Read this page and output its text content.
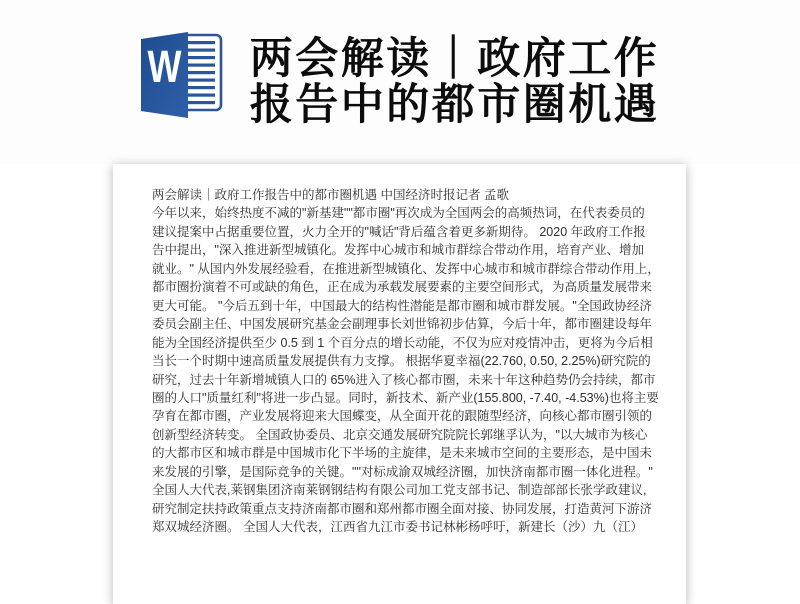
W 两会解读｜政府工作
报告中的都市圈机遇
两会解读｜政府工作报告中的都市圈机遇 中国经济时报记者 孟歌
今年以来，始终热度不减的"新基建""都市圈"再次成为全国两会的高频热词，在代表委员的
建议提案中占据重要位置，火力全开的"喊话"背后蕴含着更多新期待。 2020 年政府工作报
告中提出，"深入推进新型城镇化。发挥中心城市和城市群综合带动作用，培育产业、增加
就业。" 从国内外发展经验看，在推进新型城镇化、发挥中心城市和城市群综合带动作用上，
都市圈扮演着不可或缺的角色，正在成为承载发展要素的主要空间形式，为高质量发展带来
更大可能。 "今后五到十年，中国最大的结构性潜能是都市圈和城市群发展。"全国政协经济
委员会副主任、中国发展研究基金会副理事长刘世锦初步估算，今后十年，都市圈建设每年
能为全国经济提供至少 0.5 到 1 个百分点的增长动能，不仅为应对疫情冲击，更将为今后相
当长一个时期中速高质量发展提供有力支撑。 根据华夏幸福(22.760, 0.50, 2.25%)研究院的
研究，过去十年新增城镇人口的 65%进入了核心都市圈，未来十年这种趋势仍会持续，都市
圈的人口"质量红利"将进一步凸显。同时，新技术、新产业(155.800, -7.40, -4.53%)也将主要
孕育在都市圈，产业发展将迎来大国蝶变，从全面开花的跟随型经济，向核心都市圈引领的
创新型经济转变。 全国政协委员、北京交通发展研究院院长郭继孚认为，"以大城市为核心
的大都市区和城市群是中国城市化下半场的主旋律，是未来城市空间的主要形态，是中国未
来发展的引擎，是国际竞争的关键。""对标成渝双城经济圈，加快济南都市圈一体化进程。"
全国人大代表,莱钢集团济南莱钢钢结构有限公司加工党支部书记、制造部部长张学政建议,
研究制定扶持政策重点支持济南都市圈和郑州都市圈全面对接、协同发展，打造黄河下游济
郑双城经济圈。 全国人大代表，江西省九江市委书记林彬杨呼吁，新建长（沙）九（江）
